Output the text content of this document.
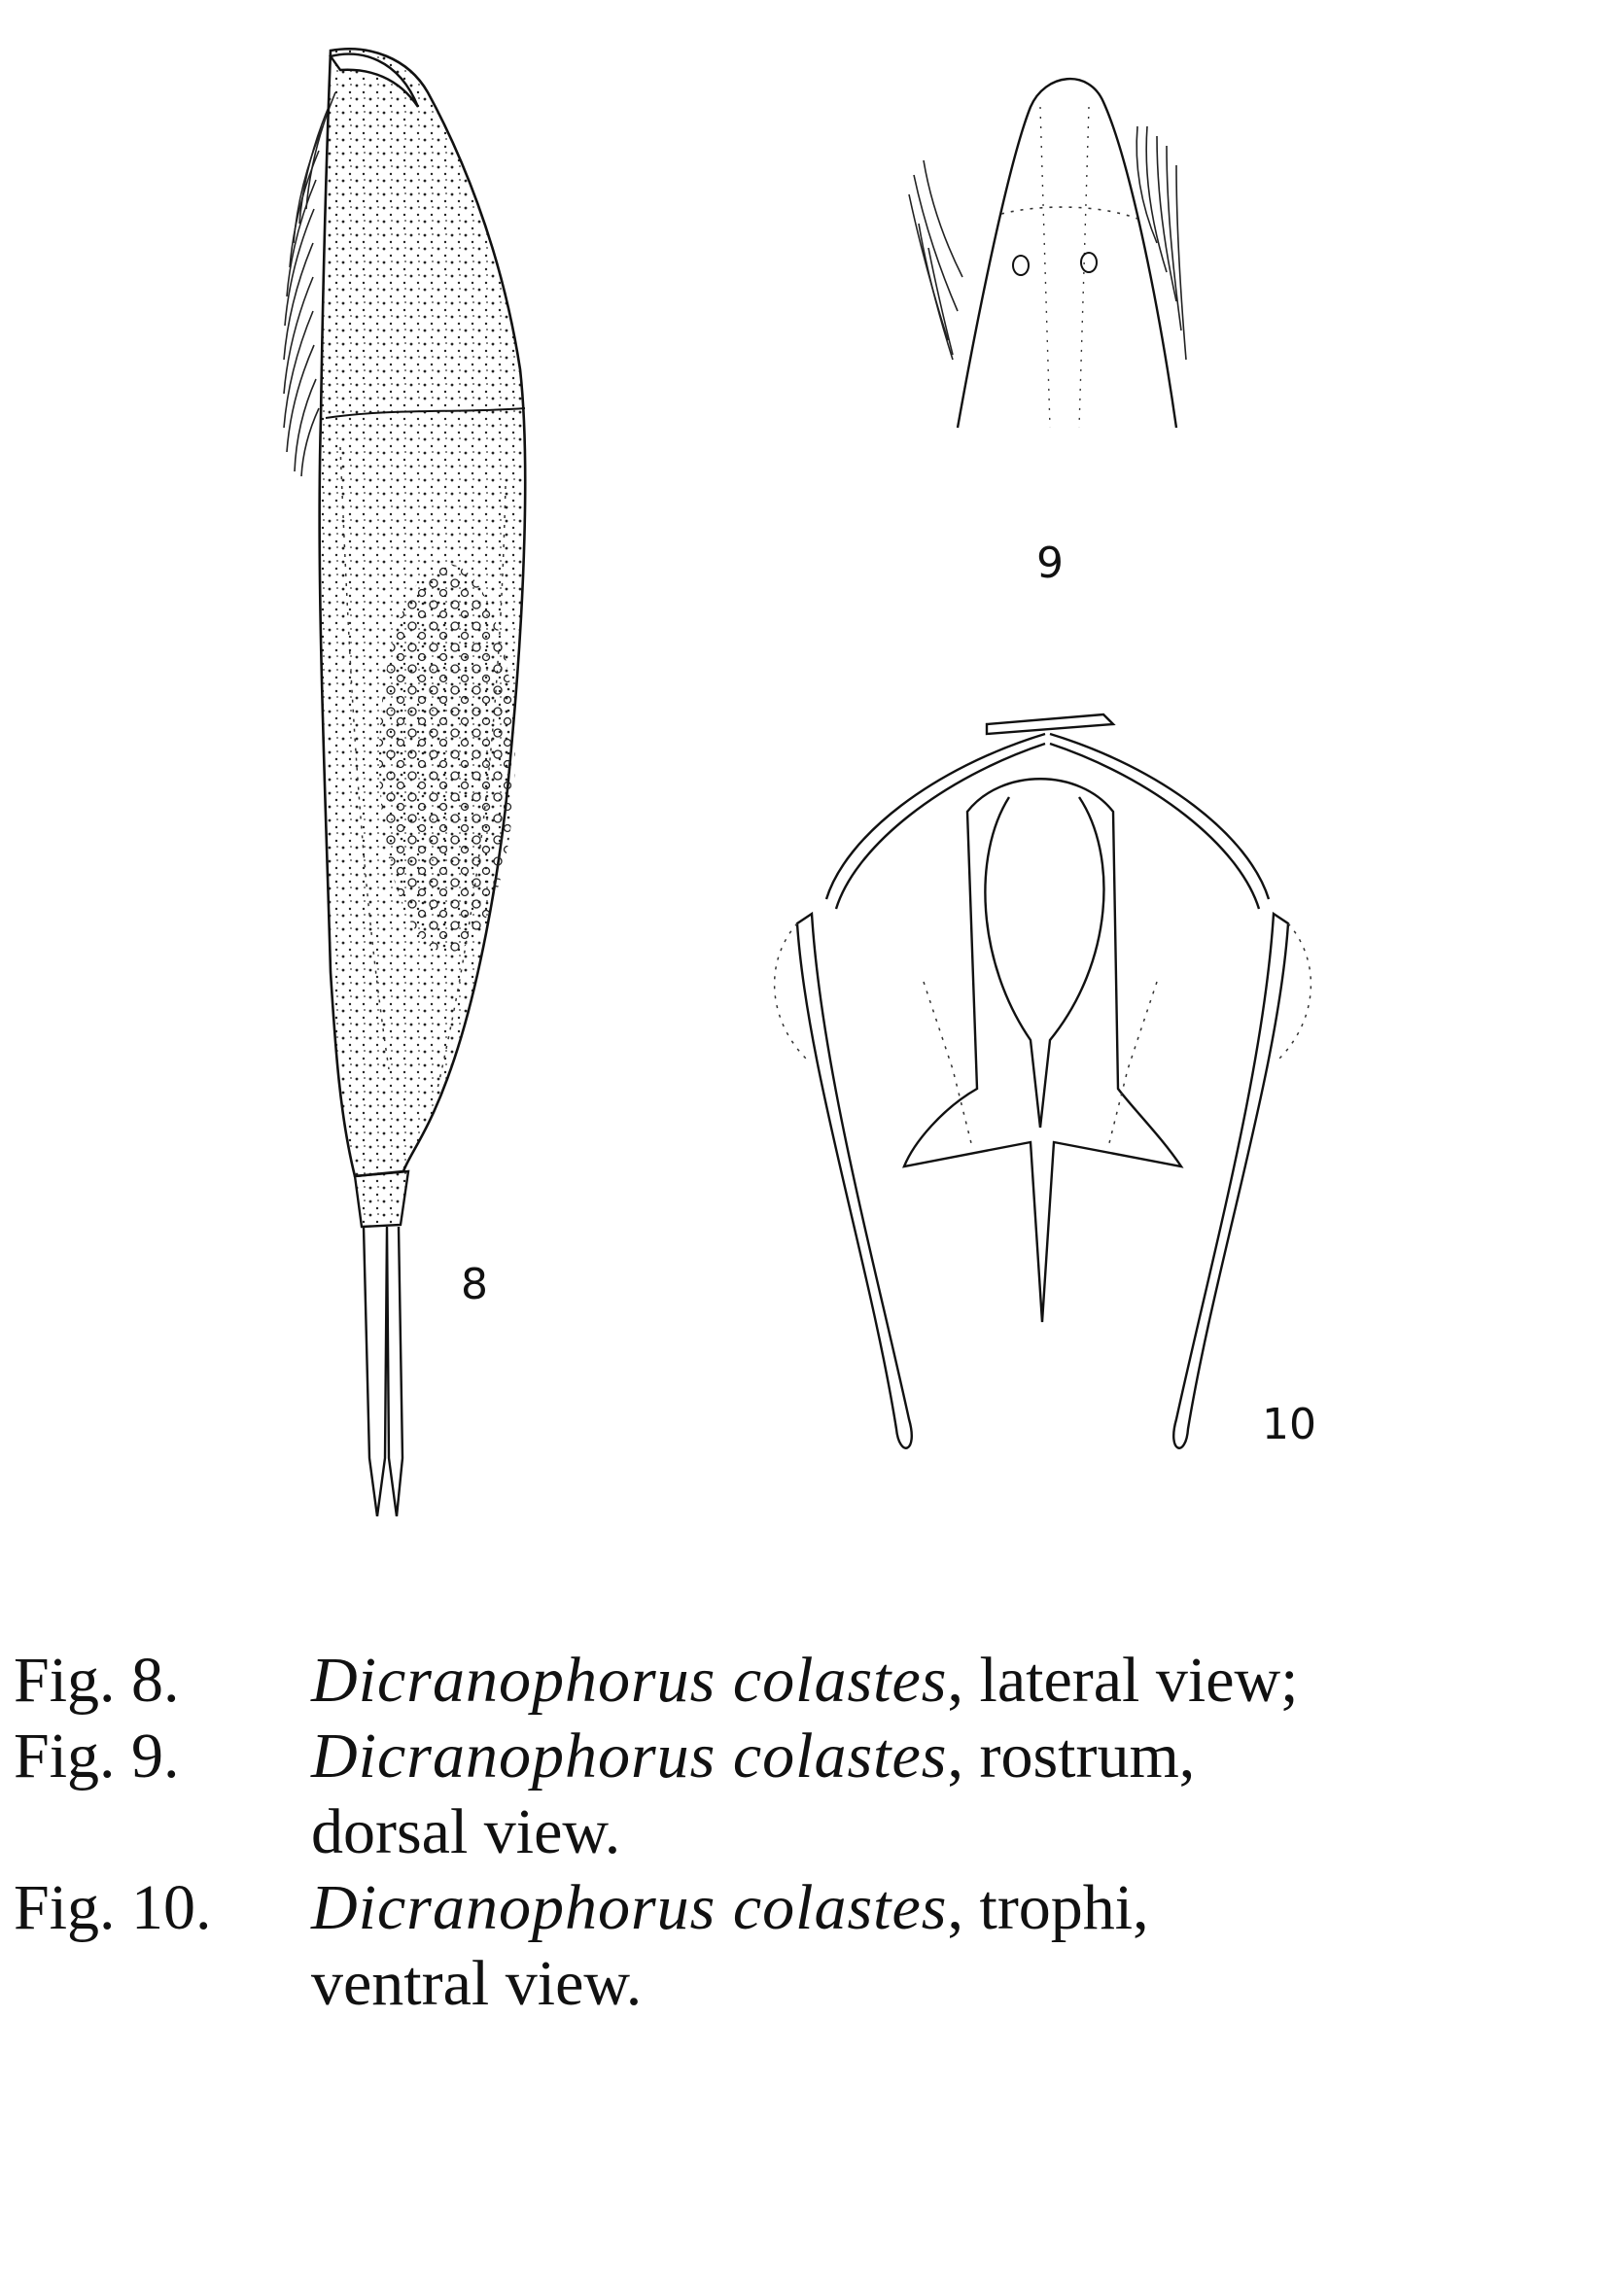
8
9
10
Fig. 8.	Dicranophorus colastes, lateral view;
Fig. 9.	Dicranophorus colastes, rostrum,
dorsal view.
Fig. 10.	Dicranophorus colastes, trophi,
ventral view.
